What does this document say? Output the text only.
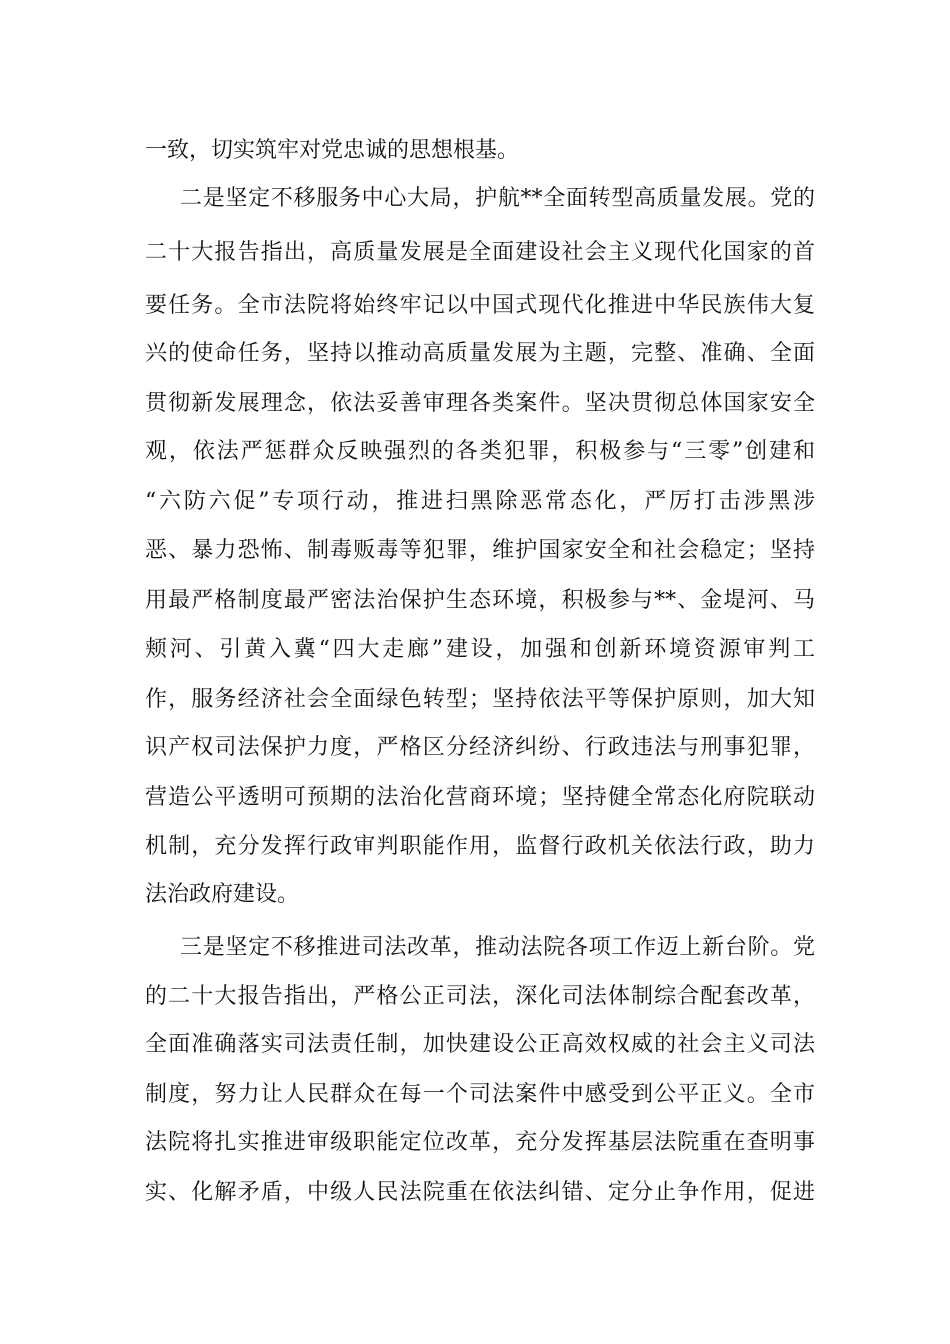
一致，切实筑牢对党忠诚的思想根基。

二是坚定不移服务中心大局，护航**全面转型高质量发展。党的

二十大报告指出，高质量发展是全面建设社会主义现代化国家的首

要任务。全市法院将始终牢记以中国式现代化推进中华民族伟大复

兴的使命任务，坚持以推动高质量发展为主题，完整、准确、全面

贯彻新发展理念，依法妥善审理各类案件。坚决贯彻总体国家安全

观，依法严惩群众反映强烈的各类犯罪，积极参与“三零”创建和

“六防六促”专项行动，推进扫黑除恶常态化，严厉打击涉黑涉

恶、暴力恐怖、制毒贩毒等犯罪，维护国家安全和社会稳定；坚持

用最严格制度最严密法治保护生态环境，积极参与**、金堤河、马

颊河、引黄入冀“四大走廊”建设，加强和创新环境资源审判工

作，服务经济社会全面绿色转型；坚持依法平等保护原则，加大知

识产权司法保护力度，严格区分经济纠纷、行政违法与刑事犯罪，

营造公平透明可预期的法治化营商环境；坚持健全常态化府院联动

机制，充分发挥行政审判职能作用，监督行政机关依法行政，助力

法治政府建设。

三是坚定不移推进司法改革，推动法院各项工作迈上新台阶。党

的二十大报告指出，严格公正司法，深化司法体制综合配套改革，

全面准确落实司法责任制，加快建设公正高效权威的社会主义司法

制度，努力让人民群众在每一个司法案件中感受到公平正义。全市

法院将扎实推进审级职能定位改革，充分发挥基层法院重在查明事

实、化解矛盾，中级人民法院重在依法纠错、定分止争作用，促进
